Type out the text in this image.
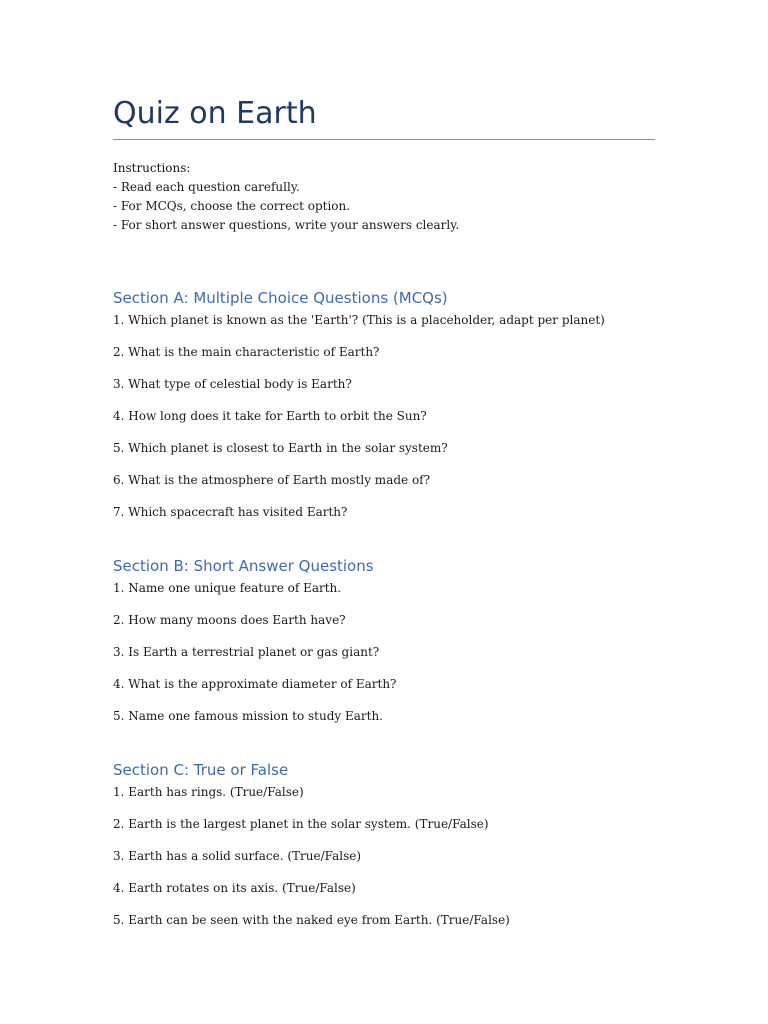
Quiz on Earth
Instructions:
- Read each question carefully.
- For MCQs, choose the correct option.
- For short answer questions, write your answers clearly.
Section A: Multiple Choice Questions (MCQs)

1. Which planet is known as the 'Earth'? (This is a placeholder, adapt per planet)

2. What is the main characteristic of Earth?

3. What type of celestial body is Earth?

4. How long does it take for Earth to orbit the Sun?

5. Which planet is closest to Earth in the solar system?

6. What is the atmosphere of Earth mostly made of?

7. Which spacecraft has visited Earth?

Section B: Short Answer Questions

1. Name one unique feature of Earth.

2. How many moons does Earth have?

3. Is Earth a terrestrial planet or gas giant?

4. What is the approximate diameter of Earth?

5. Name one famous mission to study Earth.

Section C: True or False

1. Earth has rings. (True/False)

2. Earth is the largest planet in the solar system. (True/False)

3. Earth has a solid surface. (True/False)

4. Earth rotates on its axis. (True/False)

5. Earth can be seen with the naked eye from Earth. (True/False)
